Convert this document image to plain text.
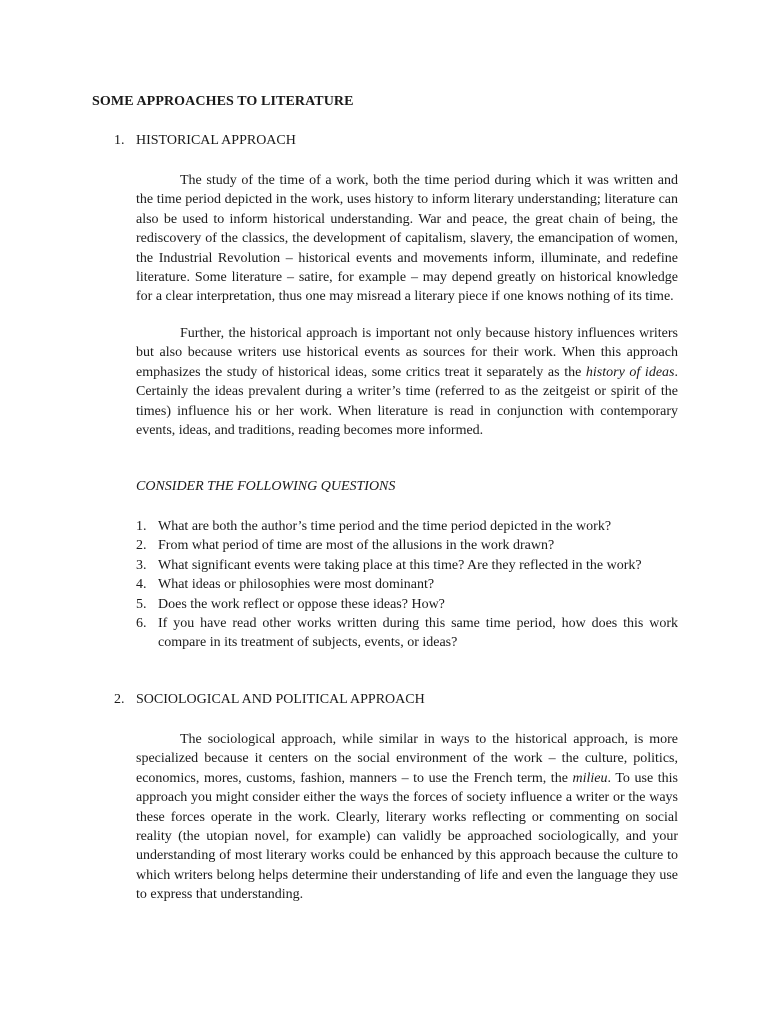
SOME APPROACHES TO LITERATURE
1. HISTORICAL APPROACH

The study of the time of a work, both the time period during which it was written and the time period depicted in the work, uses history to inform literary understanding; literature can also be used to inform historical understanding. War and peace, the great chain of being, the rediscovery of the classics, the development of capitalism, slavery, the emancipation of women, the Industrial Revolution – historical events and movements inform, illuminate, and redefine literature. Some literature – satire, for example – may depend greatly on historical knowledge for a clear interpretation, thus one may misread a literary piece if one knows nothing of its time.

Further, the historical approach is important not only because history influences writers but also because writers use historical events as sources for their work. When this approach emphasizes the study of historical ideas, some critics treat it separately as the history of ideas. Certainly the ideas prevalent during a writer’s time (referred to as the zeitgeist or spirit of the times) influence his or her work. When literature is read in conjunction with contemporary events, ideas, and traditions, reading becomes more informed.

CONSIDER THE FOLLOWING QUESTIONS
1. What are both the author’s time period and the time period depicted in the work?
2. From what period of time are most of the allusions in the work drawn?
3. What significant events were taking place at this time? Are they reflected in the work?
4. What ideas or philosophies were most dominant?
5. Does the work reflect or oppose these ideas? How?
6. If you have read other works written during this same time period, how does this work compare in its treatment of subjects, events, or ideas?
2. SOCIOLOGICAL AND POLITICAL APPROACH

The sociological approach, while similar in ways to the historical approach, is more specialized because it centers on the social environment of the work – the culture, politics, economics, mores, customs, fashion, manners – to use the French term, the milieu. To use this approach you might consider either the ways the forces of society influence a writer or the ways these forces operate in the work. Clearly, literary works reflecting or commenting on social reality (the utopian novel, for example) can validly be approached sociologically, and your understanding of most literary works could be enhanced by this approach because the culture to which writers belong helps determine their understanding of life and even the language they use to express that understanding.
